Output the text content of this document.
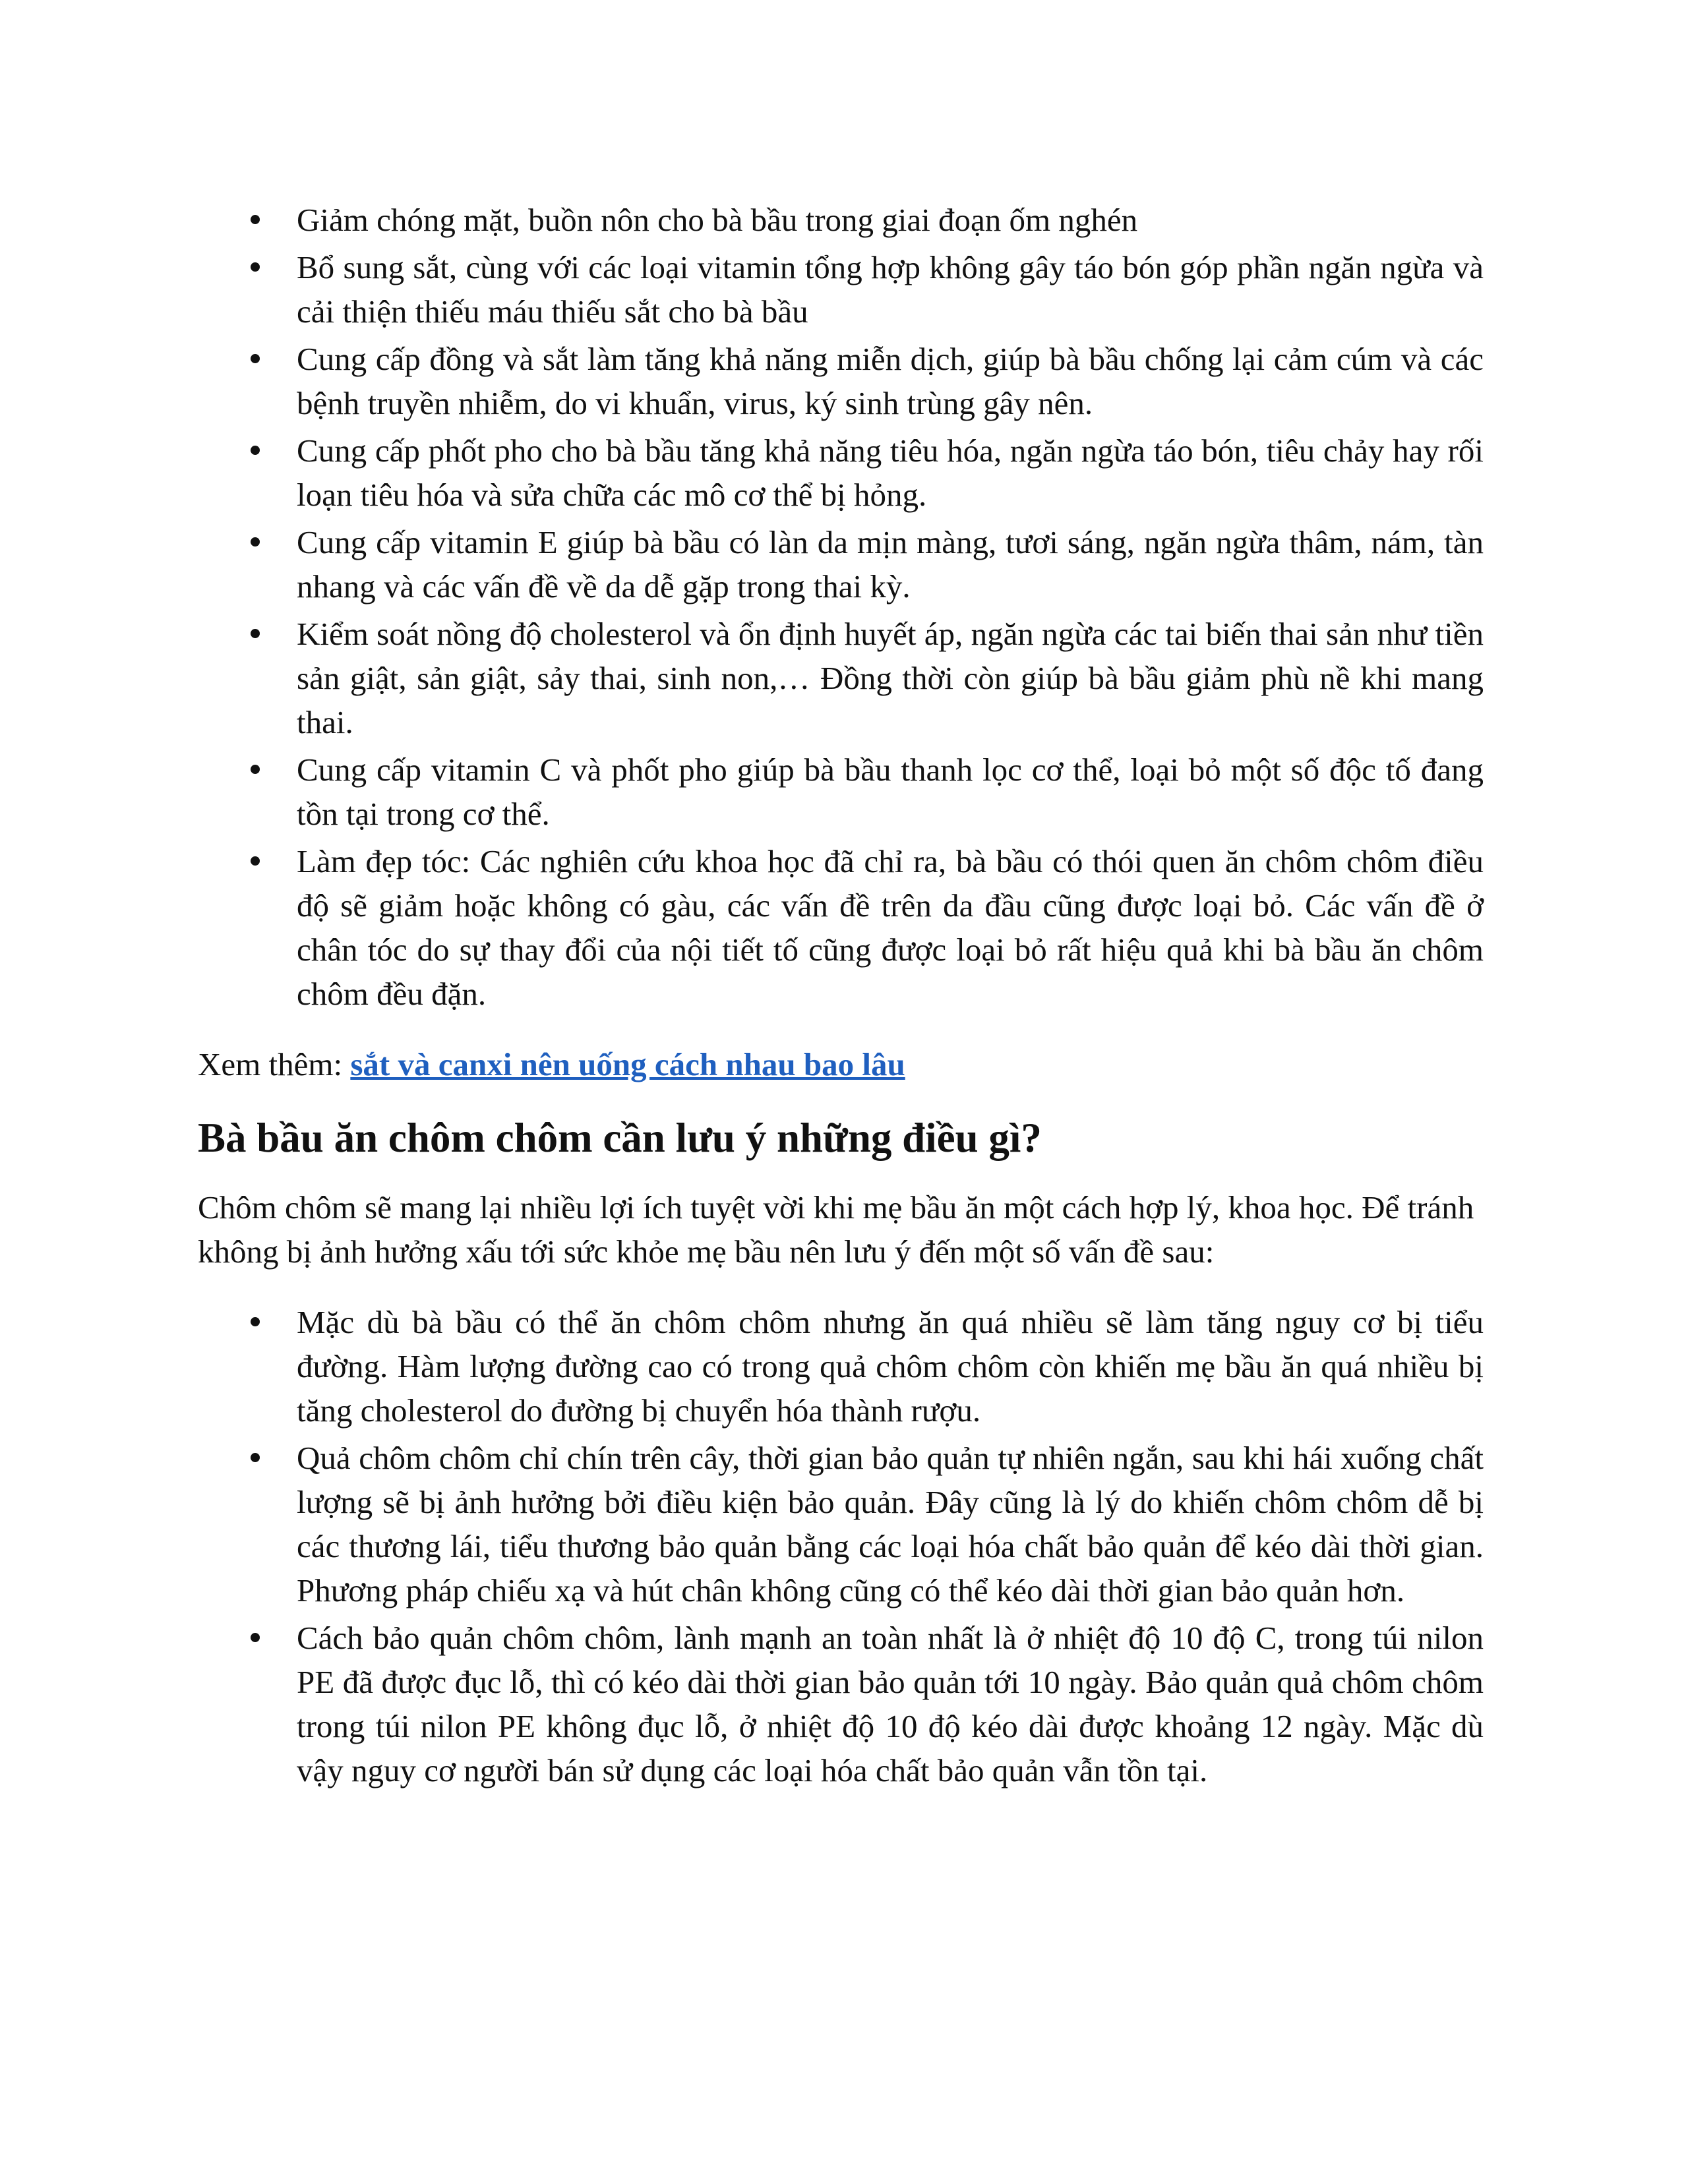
Giảm chóng mặt, buồn nôn cho bà bầu trong giai đoạn ốm nghén
Bổ sung sắt, cùng với các loại vitamin tổng hợp không gây táo bón góp phần ngăn ngừa và cải thiện thiếu máu thiếu sắt cho bà bầu
Cung cấp đồng và sắt làm tăng khả năng miễn dịch, giúp bà bầu chống lại cảm cúm và các bệnh truyền nhiễm, do vi khuẩn, virus, ký sinh trùng gây nên.
Cung cấp phốt pho cho bà bầu tăng khả năng tiêu hóa, ngăn ngừa táo bón, tiêu chảy hay rối loạn tiêu hóa và sửa chữa các mô cơ thể bị hỏng.
Cung cấp vitamin E giúp bà bầu có làn da mịn màng, tươi sáng, ngăn ngừa thâm, nám, tàn nhang và các vấn đề về da dễ gặp trong thai kỳ.
Kiểm soát nồng độ cholesterol và ổn định huyết áp, ngăn ngừa các tai biến thai sản như tiền sản giật, sản giật, sảy thai, sinh non,… Đồng thời còn giúp bà bầu giảm phù nề khi mang thai.
Cung cấp vitamin C và phốt pho giúp bà bầu thanh lọc cơ thể, loại bỏ một số độc tố đang tồn tại trong cơ thể.
Làm đẹp tóc: Các nghiên cứu khoa học đã chỉ ra, bà bầu có thói quen ăn chôm chôm điều độ sẽ giảm hoặc không có gàu, các vấn đề trên da đầu cũng được loại bỏ. Các vấn đề ở chân tóc do sự thay đổi của nội tiết tố cũng được loại bỏ rất hiệu quả khi bà bầu ăn chôm chôm đều đặn.

Xem thêm: sắt và canxi nên uống cách nhau bao lâu

Bà bầu ăn chôm chôm cần lưu ý những điều gì?

Chôm chôm sẽ mang lại nhiều lợi ích tuyệt vời khi mẹ bầu ăn một cách hợp lý, khoa học. Để tránh không bị ảnh hưởng xấu tới sức khỏe mẹ bầu nên lưu ý đến một số vấn đề sau:

Mặc dù bà bầu có thể ăn chôm chôm nhưng ăn quá nhiều sẽ làm tăng nguy cơ bị tiểu đường. Hàm lượng đường cao có trong quả chôm chôm còn khiến mẹ bầu ăn quá nhiều bị tăng cholesterol do đường bị chuyển hóa thành rượu.
Quả chôm chôm chỉ chín trên cây, thời gian bảo quản tự nhiên ngắn, sau khi hái xuống chất lượng sẽ bị ảnh hưởng bởi điều kiện bảo quản. Đây cũng là lý do khiến chôm chôm dễ bị các thương lái, tiểu thương bảo quản bằng các loại hóa chất bảo quản để kéo dài thời gian. Phương pháp chiếu xạ và hút chân không cũng có thể kéo dài thời gian bảo quản hơn.
Cách bảo quản chôm chôm, lành mạnh an toàn nhất là ở nhiệt độ 10 độ C, trong túi nilon PE đã được đục lỗ, thì có kéo dài thời gian bảo quản tới 10 ngày. Bảo quản quả chôm chôm trong túi nilon PE không đục lỗ, ở nhiệt độ 10 độ kéo dài được khoảng 12 ngày. Mặc dù vậy nguy cơ người bán sử dụng các loại hóa chất bảo quản vẫn tồn tại.
